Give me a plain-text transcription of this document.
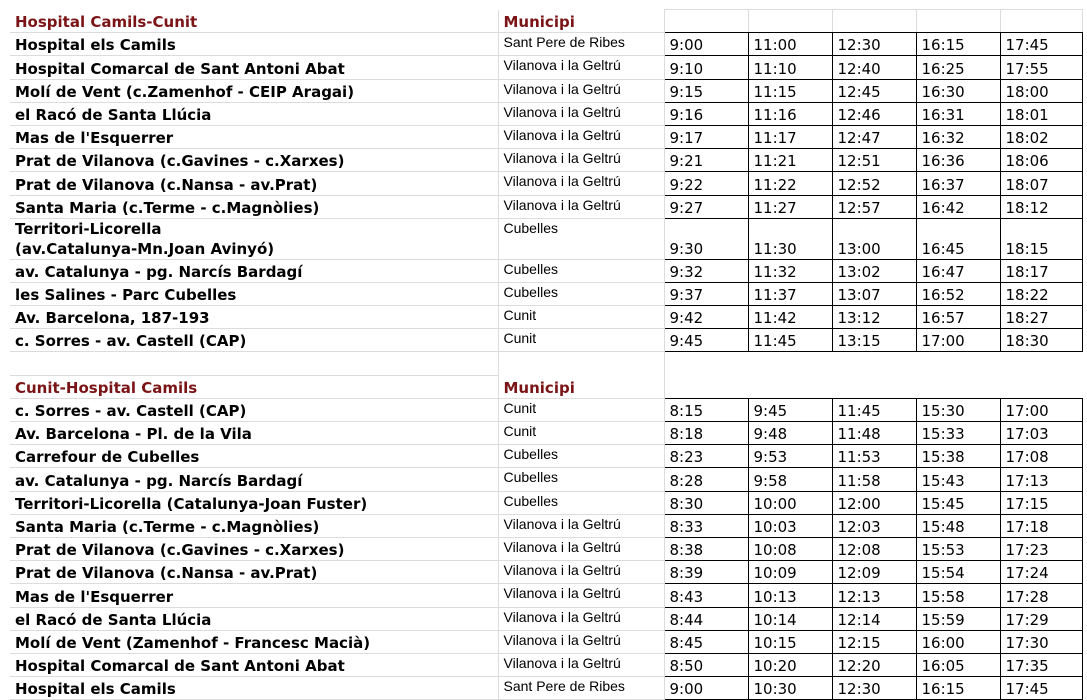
Hospital Camils-Cunit	Municipi					
Hospital els Camils	Sant Pere de Ribes	9:00	11:00	12:30	16:15	17:45
Hospital Comarcal de Sant Antoni Abat	Vilanova i la Geltrú	9:10	11:10	12:40	16:25	17:55
Molí de Vent (c.Zamenhof - CEIP Aragai)	Vilanova i la Geltrú	9:15	11:15	12:45	16:30	18:00
el Racó de Santa Llúcia	Vilanova i la Geltrú	9:16	11:16	12:46	16:31	18:01
Mas de l'Esquerrer	Vilanova i la Geltrú	9:17	11:17	12:47	16:32	18:02
Prat de Vilanova (c.Gavines - c.Xarxes)	Vilanova i la Geltrú	9:21	11:21	12:51	16:36	18:06
Prat de Vilanova (c.Nansa - av.Prat)	Vilanova i la Geltrú	9:22	11:22	12:52	16:37	18:07
Santa Maria (c.Terme - c.Magnòlies)	Vilanova i la Geltrú	9:27	11:27	12:57	16:42	18:12

Territori-Licorella
(av.Catalunya-Mn.Joan Avinyó)	Cubelles	9:30	11:30	13:00	16:45	18:15
av. Catalunya - pg. Narcís Bardagí	Cubelles	9:32	11:32	13:02	16:47	18:17
les Salines - Parc Cubelles	Cubelles	9:37	11:37	13:07	16:52	18:22
Av. Barcelona, 187-193	Cunit	9:42	11:42	13:12	16:57	18:27
c. Sorres - av. Castell (CAP)	Cunit	9:45	11:45	13:15	17:00	18:30

Cunit-Hospital Camils	Municipi					
c. Sorres - av. Castell (CAP)	Cunit	8:15	9:45	11:45	15:30	17:00
Av. Barcelona - Pl. de la Vila	Cunit	8:18	9:48	11:48	15:33	17:03
Carrefour de Cubelles	Cubelles	8:23	9:53	11:53	15:38	17:08
av. Catalunya - pg. Narcís Bardagí	Cubelles	8:28	9:58	11:58	15:43	17:13
Territori-Licorella (Catalunya-Joan Fuster)	Cubelles	8:30	10:00	12:00	15:45	17:15
Santa Maria (c.Terme - c.Magnòlies)	Vilanova i la Geltrú	8:33	10:03	12:03	15:48	17:18
Prat de Vilanova (c.Gavines - c.Xarxes)	Vilanova i la Geltrú	8:38	10:08	12:08	15:53	17:23
Prat de Vilanova (c.Nansa - av.Prat)	Vilanova i la Geltrú	8:39	10:09	12:09	15:54	17:24
Mas de l'Esquerrer	Vilanova i la Geltrú	8:43	10:13	12:13	15:58	17:28
el Racó de Santa Llúcia	Vilanova i la Geltrú	8:44	10:14	12:14	15:59	17:29
Molí de Vent (Zamenhof - Francesc Macià)	Vilanova i la Geltrú	8:45	10:15	12:15	16:00	17:30
Hospital Comarcal de Sant Antoni Abat	Vilanova i la Geltrú	8:50	10:20	12:20	16:05	17:35
Hospital els Camils	Sant Pere de Ribes	9:00	10:30	12:30	16:15	17:45
